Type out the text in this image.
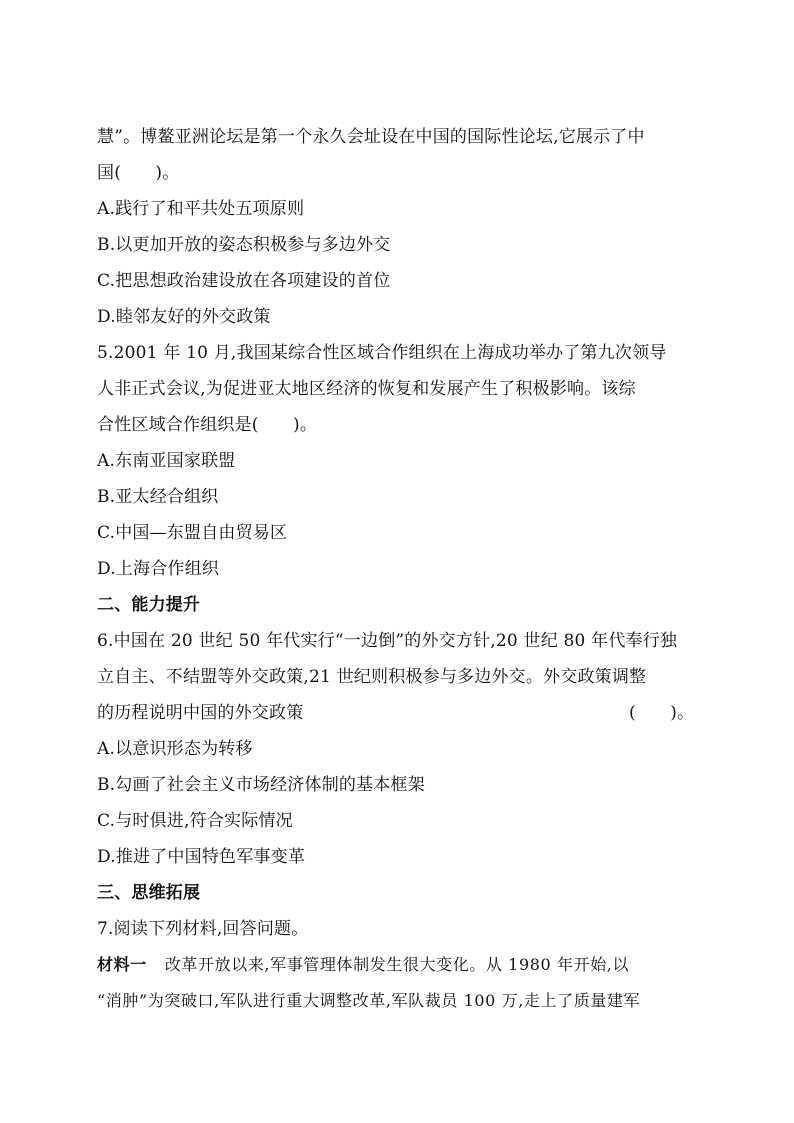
慧”。博鳌亚洲论坛是第一个永久会址设在中国的国际性论坛,它展示了中
国(　　)。
A.践行了和平共处五项原则
B.以更加开放的姿态积极参与多边外交
C.把思想政治建设放在各项建设的首位
D.睦邻友好的外交政策
5.2001 年 10 月,我国某综合性区域合作组织在上海成功举办了第九次领导
人非正式会议,为促进亚太地区经济的恢复和发展产生了积极影响。该综
合性区域合作组织是(　　)。
A.东南亚国家联盟
B.亚太经合组织
C.中国—东盟自由贸易区
D.上海合作组织
二、能力提升
6.中国在 20 世纪 50 年代实行“一边倒”的外交方针,20 世纪 80 年代奉行独
立自主、不结盟等外交政策,21 世纪则积极参与多边外交。外交政策调整
的历程说明中国的外交政策	(　　)。
A.以意识形态为转移
B.勾画了社会主义市场经济体制的基本框架
C.与时俱进,符合实际情况
D.推进了中国特色军事变革
三、思维拓展
7.阅读下列材料,回答问题。
材料一 改革开放以来,军事管理体制发生很大变化。从 1980 年开始,以
“消肿”为突破口,军队进行重大调整改革,军队裁员 100 万,走上了质量建军
